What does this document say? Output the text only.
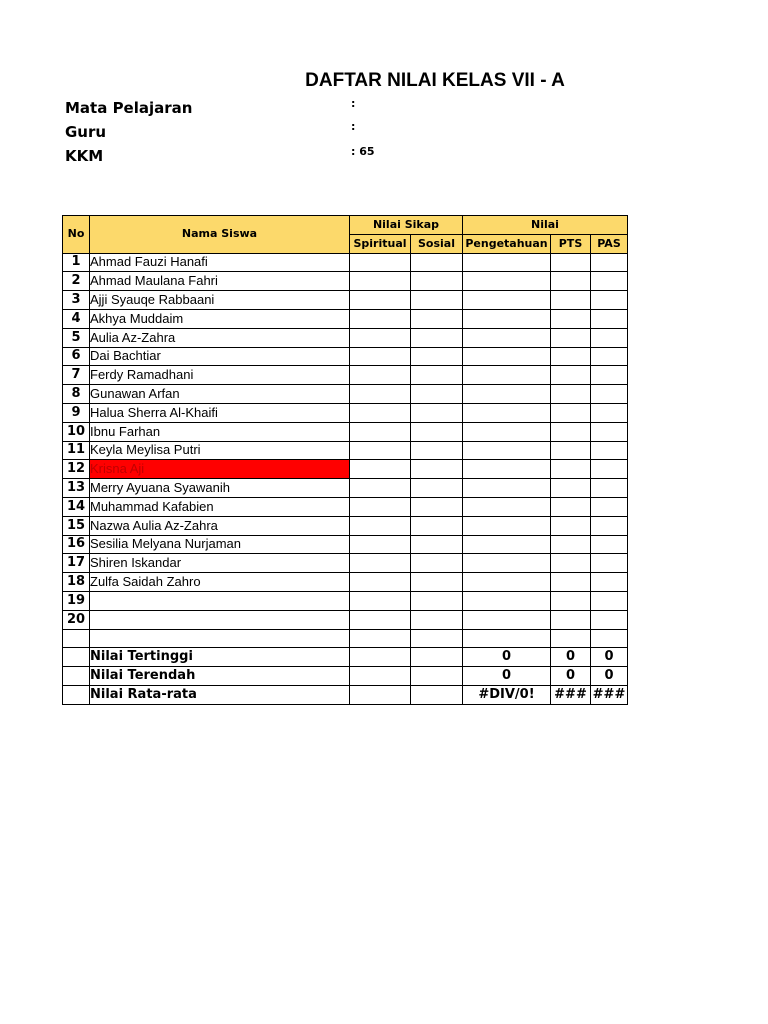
DAFTAR NILAI KELAS VII - A
Mata Pelajaran	:
Guru	:
KKM	: 65
No	Nama Siswa	Nilai Sikap		Nilai		
		Spiritual	Sosial	Pengetahuan	PTS	PAS
1	Ahmad Fauzi Hanafi					
2	Ahmad Maulana Fahri					
3	Ajji Syauqe Rabbaani					
4	Akhya Muddaim					
5	Aulia Az-Zahra					
6	Dai Bachtiar					
7	Ferdy Ramadhani					
8	Gunawan Arfan					
9	Halua Sherra Al-Khaifi					
10	Ibnu Farhan					
11	Keyla Meylisa Putri					
12	Krisna Aji					
13	Merry Ayuana Syawanih					
14	Muhammad Kafabien					
15	Nazwa Aulia Az-Zahra					
16	Sesilia Melyana Nurjaman					
17	Shiren Iskandar					
18	Zulfa Saidah Zahro					
19						
20						

	Nilai Tertinggi			0	0	0
	Nilai Terendah			0	0	0
	Nilai Rata-rata			#DIV/0!	###	###
